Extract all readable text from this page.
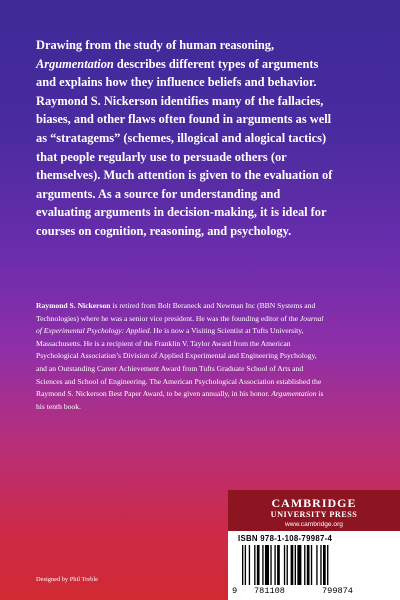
Drawing from the study of human reasoning, Argumentation describes different types of arguments and explains how they influence beliefs and behavior. Raymond S. Nickerson identifies many of the fallacies, biases, and other flaws often found in arguments as well as “stratagems” (schemes, illogical and alogical tactics) that people regularly use to persuade others (or themselves). Much attention is given to the evaluation of arguments. As a source for understanding and evaluating arguments in decision-making, it is ideal for courses on cognition, reasoning, and psychology.

Raymond S. Nickerson is retired from Bolt Beraneck and Newman Inc (BBN Systems and Technologies) where he was a senior vice president. He was the founding editor of the Journal of Experimental Psychology: Applied. He is now a Visiting Scientist at Tufts University, Massachusetts. He is a recipient of the Franklin V. Taylor Award from the American Psychological Association’s Division of Applied Experimental and Engineering Psychology, and an Outstanding Career Achievement Award from Tufts Graduate School of Arts and Sciences and School of Engineering. The American Psychological Association established the Raymond S. Nickerson Best Paper Award, to be given annually, in his honor. Argumentation is his tenth book.

CAMBRIDGE
UNIVERSITY PRESS
www.cambridge.org
ISBN 978-1-108-79987-4
9 781108	799874
Designed by Phil Treble
